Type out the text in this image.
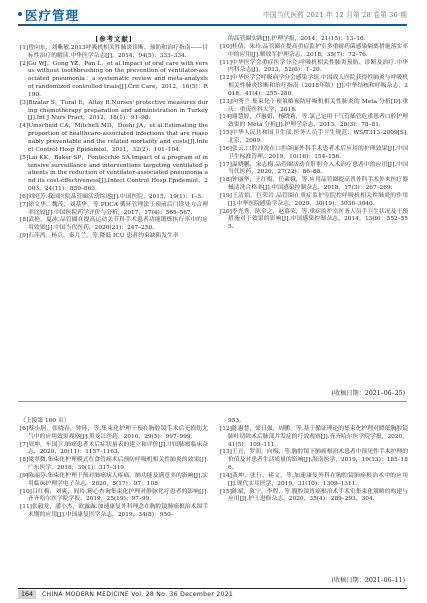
医疗管理	中国当代医药 2021 年 12 月第 28 卷第 36 期
[参考文献]
[1]曾向东，刘紫敏.2013呼吸机相关性肺炎诊断、预防和治疗指南——目标性治疗的解读.中华医学杂志[J]，2014，94(5)：333–334.
[2]Gu WJ，Gong YZ，Pan L，et al.Impact of oral care with versus without toothbrushing on the prevention of ventilator-associated pneumonia：a systematic review and meta-analysis of randomized controlled trials[J].Crit Care，2012，16(5)：R190.
[3]Bizalar S，Tural E，Altay B.Nurses' protective measures during chemotherapy preparation and administration in Turkey[J].Int J Nurs Pract，2012，18(1)：91–98.
[4]Umscheid CA，Mitchell MD，Doshi JA，et al.Estimating the proportion of healthcare-associated infections that are reasonably preventable and the related mortality and costs[J].Infect Control Hosp Epidemiol，2011，32(2)：101–104.
[5]Lai KK，Baker SP，Fontecchio SA.Impact of a program of intensive surveillance and interventions targeting ventilated patients in the reduction of ventilator-associated pneumonia and its cost-effectiveness[J].Infect Control Hosp Epidemiol，2003，24(11)：859–863.
[6]刘庭芳.我国医院品管圈活动综述[J].中国医院，2015，19(1)：1–3.
[7]徐文华，魏茂，刘基华，等.PDCA 循环管理法于预前后门诊处方合理率比较[J].中国医院药学评价与分析，2017，17(4)：565–567.
[8]武艳，夏冰.品管圈在提高运动关节科手术患者功能锻炼执行率中的应用效果[J].中国当代医药，2020(21)：247–250.
[9]石萍湾，杨兵，秦月兰，等.降低 ICU 患者约束缺陷发生率
的品管圈实践[J].护理学报，2014，21(15)：13–16.
[10]桂倩，朱玲.品管圈在提高重症监护室多重耐药菌感染隔离措施落实率中的应用[J].解放军护理杂志，2018，35(7)：72–76.
[11]中华医学会重症医学分会.呼吸机相关性肺炎预防、诊断及治疗.中华内科杂志[J]，2013，52(6)：1–20.
[12]中华医学会呼吸病学分会感染学组.中国成人医院获得性肺炎与呼吸机相关性肺炎诊断和治疗指南（2018年版）[J].中华结核和呼吸杂志，2018，41(4)：255–280.
[13]向秀兰.集束化干预策略预防呼吸机相关性肺炎的 Meta 分析[D].重庆：重庆医科大学，2018.
[14]谢慧婷，卢惠娟，杨晓莉，等.氯己定用于气管插管危重患者口腔护理效果的 Meta 分析[J].护理学杂志，2013，28(3)：78–81.
[15]中华人民共和国卫生部.医务人员手卫生规范：WS/T313–2009[S].北京，2009.
[16]张云.口腔冲洗在口腔颌面外科手术患者术后应用的护理效果[J].中国卫生标准管理，2019，10(16)：154–156.
[17]温晓鹏，宋志梅.品管圈活动在肝胆介入术治疗患者中的应用[J].中国当代医药，2020，27(22)：86–88.
[18]钟丽华，王红梅，任素娥，等.应用品管圈提高普外科手术外来医疗器械清洗合格率[J].中国感染控制杂志，2018，17(3)：267–269.
[19]王清娟，巨荣岩.品管圈在重症监护室院控呼吸机相关性肺炎的作用[J].中华医院感染学杂志，2020，30(19)：3036–3040.
[20]李光秀，陈金之，赵慕荣，等.重症监护室医务人员手卫生状况及干预措施对于效果的影响[J].中国感染控制杂志，2014，13(9)：552–555.
(收稿日期：2021–06–25)
（上接第 160 页）
[6]蔡小舸，张晓春，钟环，等.集束化护理干预在胸腔镜手术后无损伤尤气中的应用效果观察[J].黑龙江医药，2016，29(5)：997–999.
[7]周坤，车国卫.肺癌患者术后症状量表的建立和评价[J].中国肺瘤临床杂志，2020，20(11)：1157–1163.
[8]梁翠微.集束化护理模式在食管癌术后预防呼吸机相关性肺炎的效果[J].广东医学，2018，39(1)：317–319.
[9]陈丽芬.集束化护理干预对肺癌病人疼痛、肺功能及满意率的影响[J].实用临床护理学电子杂志，2020，5(17)：97，108.
[10]吕红梅，刘爽，阎玲.精心查询集束化护理对静脉化疗患者的影响[J].齐齐哈尔医学院学报，2019，25(19)：97–99.
[11]张毅龙，潘小杰，欧露露.加速康复外科理念在胸腔镜肺癌根治术围手术期的应用[J].中国康复医学杂志，2019，34(8)：950–
953.
[12]陈惠慧，梁日强，周鹏，等.基于循证理论的集束化护理对降低胸腔镜肺叶切除术后肺部并发症的疗效观察[J].齐齐哈尔医学院学报，2020，41(5)：109–111.
[13]王丑，罗润，向梅，等.胸腔镜下肺癌根治术患者中预见性手术护理的价值及对患者生活质量的影响[J].海南医学，2019，19(13)：185–186.
[14]黄坤，张行，褚文，等.加速康复外科在胸腔镜肺癌根治术中的应用[J].现代实用医学，2019，31(10)：1309–1311.
[15]陈斌，陈宁，李程，等.腹腔镜胃癌根治术手术室集束化策略的构建与应用[J].护士进修杂志，2020，35(4)：289–293，304.
(收稿日期：2021–06–11)
164	CHINA MODERN MEDICINE Vol. 28 No. 36 December 2021
